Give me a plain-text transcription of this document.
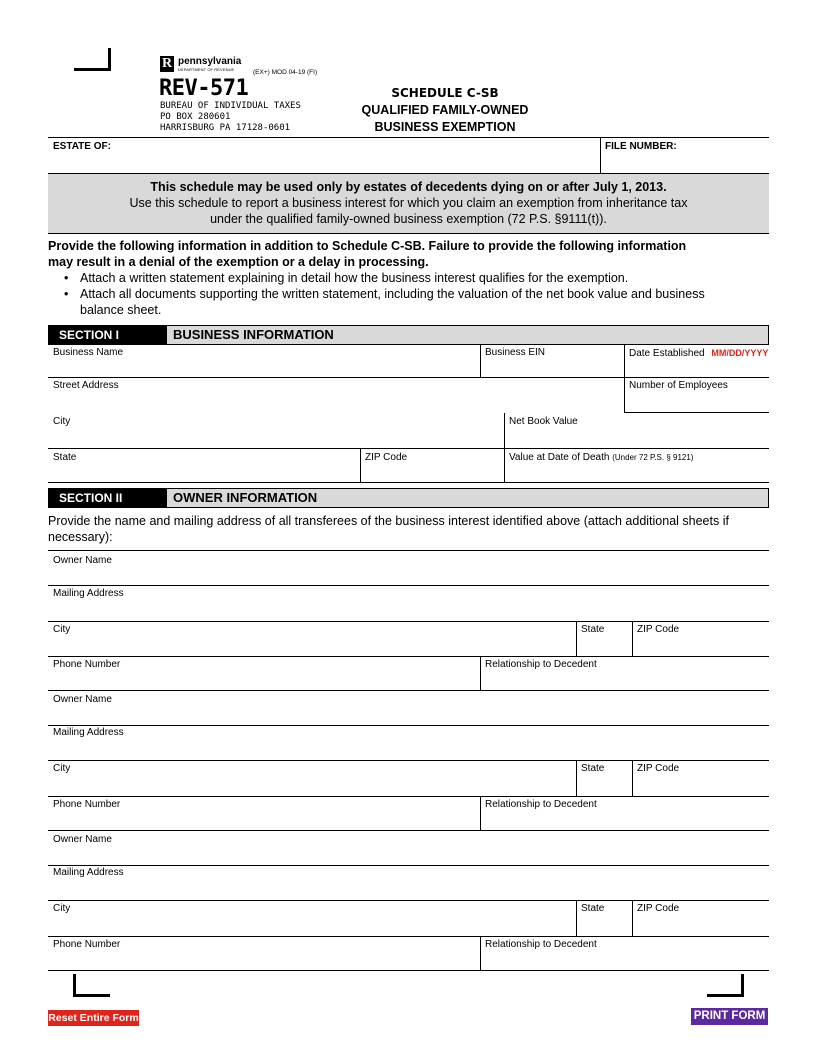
R pennsylvania
DEPARTMENT OF REVENUE	(EX+) MOD 04-19 (FI)
REV-571
BUREAU OF INDIVIDUAL TAXES
PO BOX 280601
HARRISBURG PA 17128-0601
SCHEDULE C-SB
QUALIFIED FAMILY-OWNED
BUSINESS EXEMPTION
ESTATE OF:	FILE NUMBER:
This schedule may be used only by estates of decedents dying on or after July 1, 2013.
Use this schedule to report a business interest for which you claim an exemption from inheritance tax
under the qualified family-owned business exemption (72 P.S. §9111(t)).
Provide the following information in addition to Schedule C-SB. Failure to provide the following information may result in a denial of the exemption or a delay in processing.
• Attach a written statement explaining in detail how the business interest qualifies for the exemption.
• Attach all documents supporting the written statement, including the valuation of the net book value and business balance sheet.
SECTION I	BUSINESS INFORMATION
Business Name	Business EIN	Date Established MM/DD/YYYY
Street Address	Number of Employees
City	Net Book Value
State	ZIP Code	Value at Date of Death (Under 72 P.S. § 9121)
SECTION II	OWNER INFORMATION
Provide the name and mailing address of all transferees of the business interest identified above (attach additional sheets if necessary):
Owner Name
Mailing Address
City	State	ZIP Code
Phone Number	Relationship to Decedent
Owner Name
Mailing Address
City	State	ZIP Code
Phone Number	Relationship to Decedent
Owner Name
Mailing Address
City	State	ZIP Code
Phone Number	Relationship to Decedent
Reset Entire Form	PRINT FORM
